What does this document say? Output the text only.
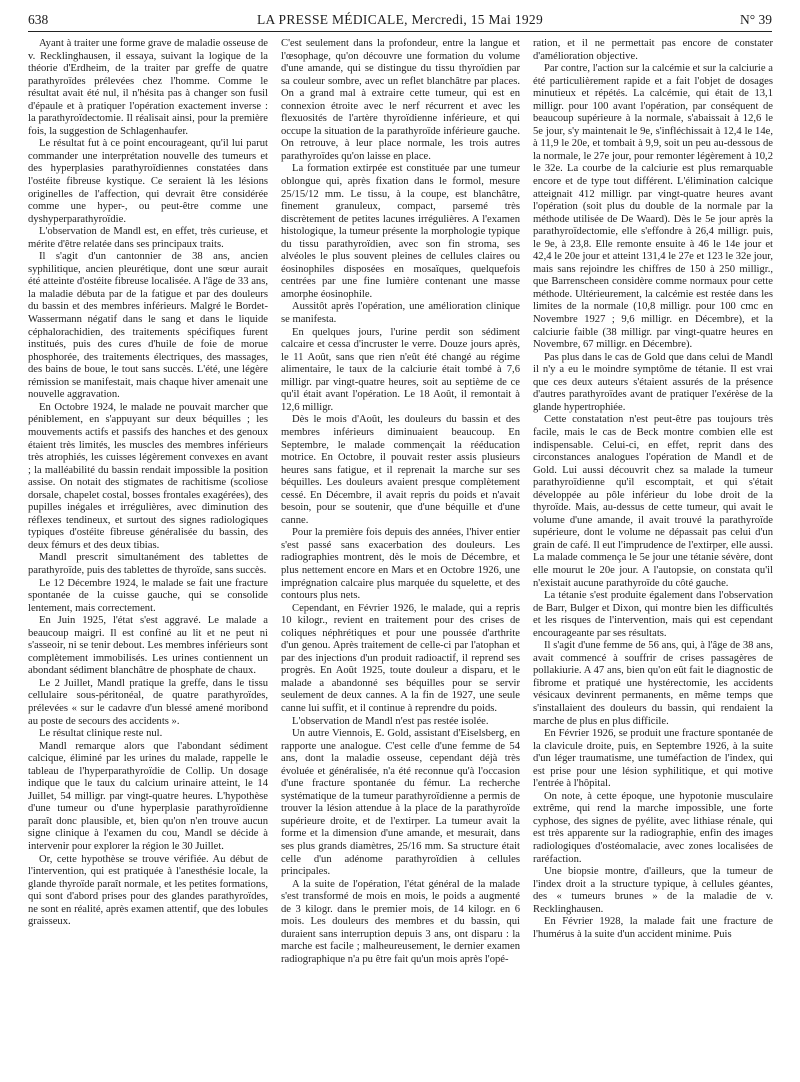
638	LA PRESSE MÉDICALE, Mercredi, 15 Mai 1929	N° 39

Ayant à traiter une forme grave de maladie osseuse de v. Recklinghausen, il essaya, suivant la logique de la théorie d'Erdheim, de la traiter par greffe de quatre parathyroïdes prélevées chez l'homme. Comme le résultat avait été nul, il n'hésita pas à changer son fusil d'épaule et à pratiquer l'opération exactement inverse : la parathyroïdectomie. Il réalisait ainsi, pour la première fois, la suggestion de Schlagenhaufer.

Le résultat fut à ce point encourageant, qu'il lui parut commander une interprétation nouvelle des tumeurs et des hyperplasies parathyroïdiennes constatées dans l'ostéite fibreuse kystique. Ce seraient là les lésions originelles de l'affection, qui devrait être considérée comme une hyper-, ou peut-être comme une dyshyperparathyroïdie.

L'observation de Mandl est, en effet, très curieuse, et mérite d'être relatée dans ses principaux traits.

Il s'agit d'un cantonnier de 38 ans, ancien syphilitique, ancien pleurétique, dont une sœur aurait été atteinte d'ostéite fibreuse localisée. A l'âge de 33 ans, la maladie débuta par de la fatigue et par des douleurs du bassin et des membres inférieurs. Malgré le Bordet-Wassermann négatif dans le sang et dans le liquide céphalorachidien, des traitements spécifiques furent institués, puis des cures d'huile de foie de morue phosphorée, des traitements électriques, des massages, des bains de boue, le tout sans succès. L'été, une légère rémission se manifestait, mais chaque hiver amenait une nouvelle aggravation.

En Octobre 1924, le malade ne pouvait marcher que péniblement, en s'appuyant sur deux béquilles ; les mouvements actifs et passifs des hanches et des genoux étaient très limités, les muscles des membres inférieurs très atrophiés, les cuisses légèrement convexes en avant ; la malléabilité du bassin rendait impossible la position assise. On notait des stigmates de rachitisme (scoliose dorsale, chapelet costal, bosses frontales exagérées), des pupilles inégales et irrégulières, avec diminution des réflexes tendineux, et surtout des signes radiologiques typiques d'ostéite fibreuse généralisée du bassin, des deux fémurs et des deux tibias.

Mandl prescrit simultanément des tablettes de parathyroïde, puis des tablettes de thyroïde, sans succès.

Le 12 Décembre 1924, le malade se fait une fracture spontanée de la cuisse gauche, qui se consolide lentement, mais correctement.

En Juin 1925, l'état s'est aggravé. Le malade a beaucoup maigri. Il est confiné au lit et ne peut ni s'asseoir, ni se tenir debout. Les membres inférieurs sont complètement immobilisés. Les urines contiennent un abondant sédiment blanchâtre de phosphate de chaux.

Le 2 Juillet, Mandl pratique la greffe, dans le tissu cellulaire sous-péritonéal, de quatre parathyroïdes, prélevées « sur le cadavre d'un blessé amené moribond au poste de secours des accidents ».

Le résultat clinique reste nul.

Mandl remarque alors que l'abondant sédiment calcique, éliminé par les urines du malade, rappelle le tableau de l'hyperparathyroïdie de Collip. Un dosage indique que le taux du calcium urinaire atteint, le 14 Juillet, 54 milligr. par vingt-quatre heures. L'hypothèse d'une tumeur ou d'une hyperplasie parathyroïdienne paraît donc plausible, et, bien qu'on n'en trouve aucun signe clinique à l'examen du cou, Mandl se décide à intervenir pour explorer la région le 30 Juillet.

Or, cette hypothèse se trouve vérifiée. Au début de l'intervention, qui est pratiquée à l'anesthésie locale, la glande thyroïde paraît normale, et les petites formations, qui sont d'abord prises pour des glandes parathyroïdes, ne sont en réalité, après examen attentif, que des lobules graisseux.

C'est seulement dans la profondeur, entre la langue et l'œsophage, qu'on découvre une formation du volume d'une amande, qui se distingue du tissu thyroïdien par sa couleur sombre, avec un reflet blanchâtre par places. On a grand mal à extraire cette tumeur, qui est en connexion étroite avec le nerf récurrent et avec les flexuosités de l'artère thyroïdienne inférieure, et qui occupe la situation de la parathyroïde inférieure gauche. On retrouve, à leur place normale, les trois autres parathyroïdes qu'on laisse en place.

La formation extirpée est constituée par une tumeur oblongue qui, après fixation dans le formol, mesure 25/15/12 mm. Le tissu, à la coupe, est blanchâtre, finement granuleux, compact, parsemé très discrètement de petites lacunes irrégulières. A l'examen histologique, la tumeur présente la morphologie typique du tissu parathyroïdien, avec son fin stroma, ses alvéoles le plus souvent pleines de cellules claires ou éosinophiles disposées en mosaïques, quelquefois centrées par une fine lumière contenant une masse amorphe éosinophile.

Aussitôt après l'opération, une amélioration clinique se manifesta.

En quelques jours, l'urine perdit son sédiment calcaire et cessa d'incruster le verre. Douze jours après, le 11 Août, sans que rien n'eût été changé au régime alimentaire, le taux de la calciurie était tombé à 7,6 milligr. par vingt-quatre heures, soit au septième de ce qu'il était avant l'opération. Le 18 Août, il remontait à 12,6 milligr.

Dès le mois d'Août, les douleurs du bassin et des membres inférieurs diminuaient beaucoup. En Septembre, le malade commençait la rééducation motrice. En Octobre, il pouvait rester assis plusieurs heures sans fatigue, et il reprenait la marche sur ses béquilles. Les douleurs avaient presque complètement cessé. En Décembre, il avait repris du poids et n'avait besoin, pour se soutenir, que d'une béquille et d'une canne.

Pour la première fois depuis des années, l'hiver entier s'est passé sans exacerbation des douleurs. Les radiographies montrent, dès le mois de Décembre, et plus nettement encore en Mars et en Octobre 1926, une imprégnation calcaire plus marquée du squelette, et des contours plus nets.

Cependant, en Février 1926, le malade, qui a repris 10 kilogr., revient en traitement pour des crises de coliques néphrétiques et pour une poussée d'arthrite d'un genou. Après traitement de celle-ci par l'atophan et par des injections d'un produit radioactif, il reprend ses progrès. En Août 1925, toute douleur a disparu, et le malade a abandonné ses béquilles pour se servir seulement de deux cannes. A la fin de 1927, une seule canne lui suffit, et il continue à reprendre du poids.

L'observation de Mandl n'est pas restée isolée.

Un autre Viennois, E. Gold, assistant d'Eiselsberg, en rapporte une analogue. C'est celle d'une femme de 54 ans, dont la maladie osseuse, cependant déjà très évoluée et généralisée, n'a été reconnue qu'à l'occasion d'une fracture spontanée du fémur. La recherche systématique de la tumeur parathyroïdienne a permis de trouver la lésion attendue à la place de la parathyroïde supérieure droite, et de l'extirper. La tumeur avait la forme et la dimension d'une amande, et mesurait, dans ses plus grands diamètres, 25/16 mm. Sa structure était celle d'un adénome parathyroïdien à cellules principales.

A la suite de l'opération, l'état général de la malade s'est transformé de mois en mois, le poids a augmenté de 3 kilogr. dans le premier mois, de 14 kilogr. en 6 mois. Les douleurs des membres et du bassin, qui duraient sans interruption depuis 3 ans, ont disparu : la marche est facile ; malheureusement, le dernier examen radiographique n'a pu être fait qu'un mois après l'opé-

ration, et il ne permettait pas encore de constater d'amélioration objective.

Par contre, l'action sur la calcémie et sur la calciurie a été particulièrement rapide et a fait l'objet de dosages minutieux et répétés. La calcémie, qui était de 13,1 milligr. pour 100 avant l'opération, par conséquent de beaucoup supérieure à la normale, s'abaissait à 12,6 le 5e jour, s'y maintenait le 9e, s'infléchissait à 12,4 le 14e, à 11,9 le 20e, et tombait à 9,9, soit un peu au-dessous de la normale, le 27e jour, pour remonter légèrement à 10,2 le 32e. La courbe de la calciurie est plus remarquable encore et de type tout différent. L'élimination calcique atteignait 412 milligr. par vingt-quatre heures avant l'opération (soit plus du double de la normale par la méthode utilisée de De Waard). Dès le 5e jour après la parathyroïdectomie, elle s'effondre à 26,4 milligr. puis, le 9e, à 23,8. Elle remonte ensuite à 46 le 14e jour et 42,4 le 20e jour et atteint 131,4 le 27e et 123 le 32e jour, mais sans rejoindre les chiffres de 150 à 250 milligr., que Barrenscheen considère comme normaux pour cette méthode. Ultérieurement, la calcémie est restée dans les limites de la normale (10,8 milligr. pour 100 cmc en Novembre 1927 ; 9,6 milligr. en Décembre), et la calciurie faible (38 milligr. par vingt-quatre heures en Novembre, 67 milligr. en Décembre).

Pas plus dans le cas de Gold que dans celui de Mandl il n'y a eu le moindre symptôme de tétanie. Il est vrai que ces deux auteurs s'étaient assurés de la présence d'autres parathyroïdes avant de pratiquer l'exérèse de la glande hypertrophiée.

Cette constatation n'est peut-être pas toujours très facile, mais le cas de Beck montre combien elle est indispensable. Celui-ci, en effet, reprit dans des circonstances analogues l'opération de Mandl et de Gold. Lui aussi découvrit chez sa malade la tumeur parathyroïdienne qu'il escomptait, et qui s'était développée au pôle inférieur du lobe droit de la thyroïde. Mais, au-dessus de cette tumeur, qui avait le volume d'une amande, il avait trouvé la parathyroïde supérieure, dont le volume ne dépassait pas celui d'un grain de café. Il eut l'imprudence de l'extirper, elle aussi. La malade commença le 5e jour une tétanie sévère, dont elle mourut le 20e jour. A l'autopsie, on constata qu'il n'existait aucune parathyroïde du côté gauche.

La tétanie s'est produite également dans l'observation de Barr, Bulger et Dixon, qui montre bien les difficultés et les risques de l'intervention, mais qui est cependant encourageante par ses résultats.

Il s'agit d'une femme de 56 ans, qui, à l'âge de 38 ans, avait commencé à souffrir de crises passagères de pollakiurie. A 47 ans, bien qu'on eût fait le diagnostic de fibrome et pratiqué une hystérectomie, les accidents vésicaux devinrent permanents, en même temps que s'installaient des douleurs du bassin, qui rendaient la marche de plus en plus difficile.

En Février 1926, se produit une fracture spontanée de la clavicule droite, puis, en Septembre 1926, à la suite d'un léger traumatisme, une tuméfaction de l'index, qui est prise pour une lésion syphilitique, et qui motive l'entrée à l'hôpital.

On note, à cette époque, une hypotonie musculaire extrême, qui rend la marche impossible, une forte cyphose, des signes de pyélite, avec lithiase rénale, qui est très apparente sur la radiographie, enfin des images radiologiques d'ostéomalacie, avec zones localisées de raréfaction.

Une biopsie montre, d'ailleurs, que la tumeur de l'index droit a la structure typique, à cellules géantes, des « tumeurs brunes » de la maladie de v. Recklinghausen.

En Février 1928, la malade fait une fracture de l'humérus à la suite d'un accident minime. Puis
